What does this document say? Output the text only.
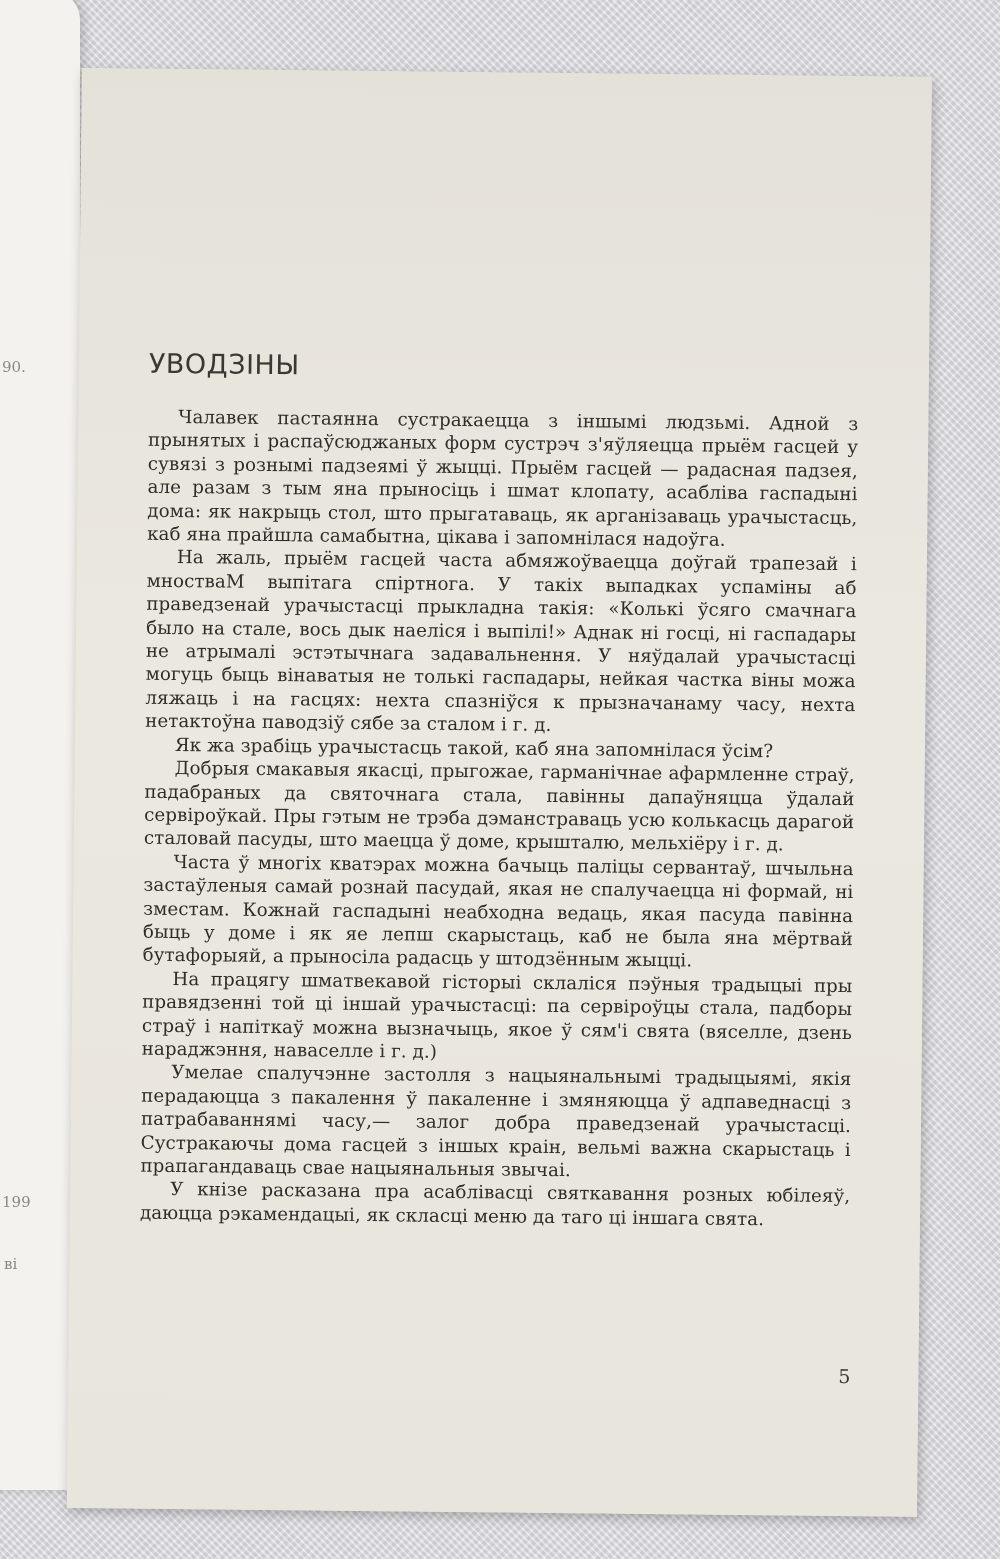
90.
199
ві
УВОДЗІНЫ

Чалавек пастаянна сустракаецца з іншымі людзьмі. Адной з прынятых і распаўсюджаных форм сустрэч з'яўляецца прыём гасцей у сувязі з рознымі падзеямі ў жыцці. Прыём гасцей — радасная падзея, але разам з тым яна прыносіць і шмат клопату, асабліва гаспадыні дома: як накрыць стол, што прыгатаваць, як арганізаваць урачыстасць, каб яна прайшла самабытна, цікава і запомнілася надоўга.

На жаль, прыём гасцей часта абмяжоўваецца доўгай трапезай і мностваМ выпітага спіртнога. У такіх выпадках успаміны аб праведзенай урачыстасці прыкладна такія: «Колькі ўсяго смачнага было на стале, вось дык наеліся і выпілі!» Аднак ні госці, ні гаспадары не атрымалі эстэтычнага задавальнення. У няўдалай урачыстасці могуць быць вінаватыя не толькі гаспадары, нейкая частка віны можа ляжаць і на гасцях: нехта спазніўся к прызначанаму часу, нехта нетактоўна паводзіў сябе за сталом і г. д.

Як жа зрабіць урачыстасць такой, каб яна запомнілася ўсім?

Добрыя смакавыя якасці, прыгожае, гарманічнае афармленне страў, падабраных да святочнага стала, павінны дапаўняцца ўдалай сервіроўкай. Пры гэтым не трэба дэманстраваць усю колькасць дарагой сталовай пасуды, што маецца ў доме, крышталю, мельхіёру і г. д.

Часта ў многіх кватэрах можна бачыць паліцы сервантаў, шчыльна застаўленыя самай рознай пасудай, якая не спалучаецца ні формай, ні зместам. Кожнай гаспадыні неабходна ведаць, якая пасуда павінна быць у доме і як яе лепш скарыстаць, каб не была яна мёртвай бутафорыяй, а прыносіла радасць у штодзённым жыцці.

На працягу шматвекавой гісторыі склаліся пэўныя традыцыі пры правядзенні той ці іншай урачыстасці: па сервіроўцы стала, падборы страў і напіткаў можна вызначыць, якое ў сям'і свята (вяселле, дзень нараджэння, наваселле і г. д.)

Умелае спалучэнне застолля з нацыянальнымі традыцыямі, якія перадаюцца з пакалення ў пакаленне і змяняюцца ў адпаведнасці з патрабаваннямі часу,— залог добра праведзенай урачыстасці. Сустракаючы дома гасцей з іншых краін, вельмі важна скарыстаць і прапагандаваць свае нацыянальныя звычаі.

У кнізе расказана пра асаблівасці святкавання розных юбілеяў, даюцца рэкамендацыі, як скласці меню да таго ці іншага свята.

5
